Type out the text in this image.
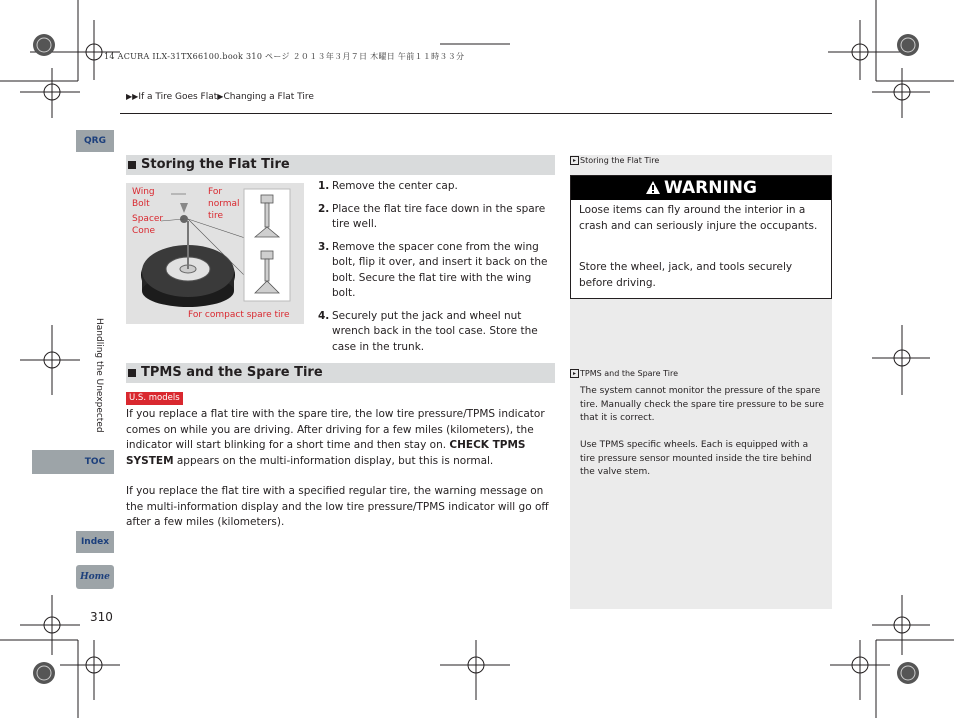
14 ACURA ILX-31TX66100.book 310 ページ ２０１３年３月７日 木曜日 午前１１時３３分
▶▶If a Tire Goes Flat▶Changing a Flat Tire
QRG
Handling the Unexpected
TOC
Index
Home
310
Storing the Flat Tire
Wing
Bolt
Spacer
Cone
For
normal
tire
For compact spare tire
1. Remove the center cap.
2. Place the flat tire face down in the spare tire well.
3. Remove the spacer cone from the wing bolt, flip it over, and insert it back on the bolt. Secure the flat tire with the wing bolt.
4. Securely put the jack and wheel nut wrench back in the tool case. Store the case in the trunk.
TPMS and the Spare Tire
U.S. models
If you replace a flat tire with the spare tire, the low tire pressure/TPMS indicator comes on while you are driving. After driving for a few miles (kilometers), the indicator will start blinking for a short time and then stay on. CHECK TPMS SYSTEM appears on the multi-information display, but this is normal.
If you replace the flat tire with a specified regular tire, the warning message on the multi-information display and the low tire pressure/TPMS indicator will go off after a few miles (kilometers).
▸ Storing the Flat Tire
WARNING
Loose items can fly around the interior in a crash and can seriously injure the occupants.
Store the wheel, jack, and tools securely before driving.
▸ TPMS and the Spare Tire
The system cannot monitor the pressure of the spare tire. Manually check the spare tire pressure to be sure that it is correct.
Use TPMS specific wheels. Each is equipped with a tire pressure sensor mounted inside the tire behind the valve stem.
